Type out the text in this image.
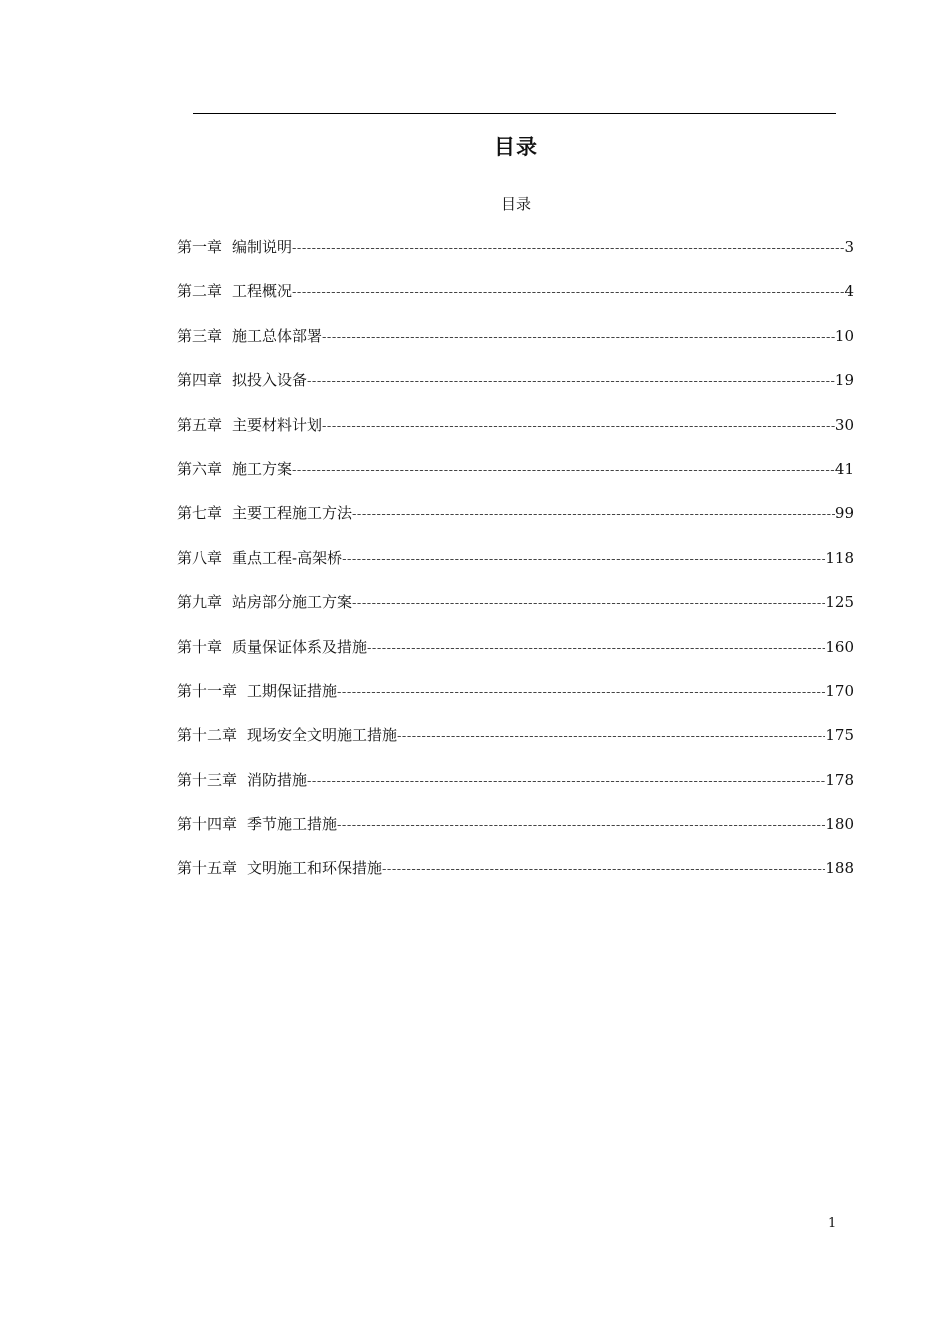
目录
目录
第一章 编制说明 -----	3
第二章 工程概况 -----	4
第三章 施工总体部署 -----	10
第四章 拟投入设备 -----	19
第五章 主要材料计划 -----	30
第六章 施工方案 -----	41
第七章 主要工程施工方法 -----	99
第八章 重点工程-高架桥 -----	118
第九章 站房部分施工方案 -----	125
第十章 质量保证体系及措施 -----	160
第十一章 工期保证措施 -----	170
第十二章 现场安全文明施工措施 -----	175
第十三章 消防措施 -----	178
第十四章 季节施工措施 -----	180
第十五章 文明施工和环保措施 -----	188
1
